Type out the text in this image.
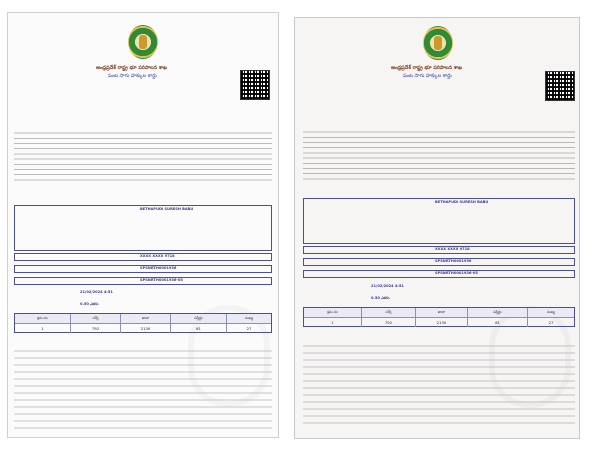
ఆంధ్రప్రదేశ్ రాష్ట్ర భూ పరిపాలన శాఖ
పంట సాగు హక్కుల కార్డు
BETHAPUDI SURESH BABU
XXXX XXXX 9718
SPSNRTH0001936
SPSNRTH0001936-05
21/02/2024 4:51
0.50 ఎకరం
క్రమ సం	సర్వే	ఖాతా	విస్తీర్ణం	సంఖ్య
1	792	2130	61	27
ఆంధ్రప్రదేశ్ రాష్ట్ర భూ పరిపాలన శాఖ
పంట సాగు హక్కుల కార్డు
BETHAPUDI SURESH BABU
XXXX XXXX 9718
SPSNRTH0001936
SPSNRTH0001936-05
21/02/2024 4:51
0.50 ఎకరం
క్రమ సం	సర్వే	ఖాతా	విస్తీర్ణం	సంఖ్య
1	792	2130	61	27
